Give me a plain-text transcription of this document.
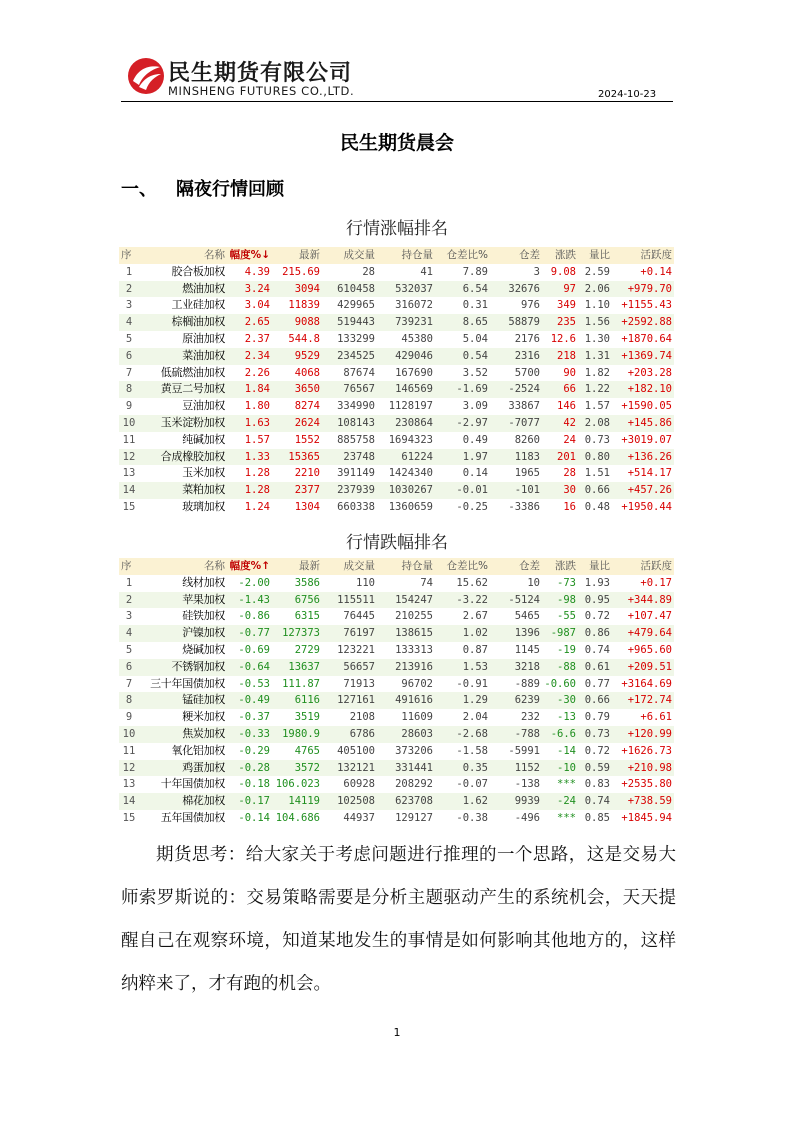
民生期货有限公司
MINSHENG FUTURES CO.,LTD.	2024-10-23
民生期货晨会
一、 隔夜行情回顾
行情涨幅排名
序	名称	幅度%↓	最新	成交量	持仓量	仓差比%	仓差	涨跌	量比	活跃度
1	胶合板加权	4.39	215.69	28	41	7.89	3	9.08	2.59	+0.14
2	燃油加权	3.24	3094	610458	532037	6.54	32676	97	2.06	+979.70
3	工业硅加权	3.04	11839	429965	316072	0.31	976	349	1.10	+1155.43
4	棕榈油加权	2.65	9088	519443	739231	8.65	58879	235	1.56	+2592.88
5	原油加权	2.37	544.8	133299	45380	5.04	2176	12.6	1.30	+1870.64
6	菜油加权	2.34	9529	234525	429046	0.54	2316	218	1.31	+1369.74
7	低硫燃油加权	2.26	4068	87674	167690	3.52	5700	90	1.82	+203.28
8	黄豆二号加权	1.84	3650	76567	146569	-1.69	-2524	66	1.22	+182.10
9	豆油加权	1.80	8274	334990	1128197	3.09	33867	146	1.57	+1590.05
10	玉米淀粉加权	1.63	2624	108143	230864	-2.97	-7077	42	2.08	+145.86
11	纯碱加权	1.57	1552	885758	1694323	0.49	8260	24	0.73	+3019.07
12	合成橡胶加权	1.33	15365	23748	61224	1.97	1183	201	0.80	+136.26
13	玉米加权	1.28	2210	391149	1424340	0.14	1965	28	1.51	+514.17
14	菜粕加权	1.28	2377	237939	1030267	-0.01	-101	30	0.66	+457.26
15	玻璃加权	1.24	1304	660338	1360659	-0.25	-3386	16	0.48	+1950.44
行情跌幅排名
序	名称	幅度%↑	最新	成交量	持仓量	仓差比%	仓差	涨跌	量比	活跃度
1	线材加权	-2.00	3586	110	74	15.62	10	-73	1.93	+0.17
2	苹果加权	-1.43	6756	115511	154247	-3.22	-5124	-98	0.95	+344.89
3	硅铁加权	-0.86	6315	76445	210255	2.67	5465	-55	0.72	+107.47
4	沪镍加权	-0.77	127373	76197	138615	1.02	1396	-987	0.86	+479.64
5	烧碱加权	-0.69	2729	123221	133313	0.87	1145	-19	0.74	+965.60
6	不锈钢加权	-0.64	13637	56657	213916	1.53	3218	-88	0.61	+209.51
7	三十年国债加权	-0.53	111.87	71913	96702	-0.91	-889	-0.60	0.77	+3164.69
8	锰硅加权	-0.49	6116	127161	491616	1.29	6239	-30	0.66	+172.74
9	粳米加权	-0.37	3519	2108	11609	2.04	232	-13	0.79	+6.61
10	焦炭加权	-0.33	1980.9	6786	28603	-2.68	-788	-6.6	0.73	+120.99
11	氧化铝加权	-0.29	4765	405100	373206	-1.58	-5991	-14	0.72	+1626.73
12	鸡蛋加权	-0.28	3572	132121	331441	0.35	1152	-10	0.59	+210.98
13	十年国债加权	-0.18	106.023	60928	208292	-0.07	-138	***	0.83	+2535.80
14	棉花加权	-0.17	14119	102508	623708	1.62	9939	-24	0.74	+738.59
15	五年国债加权	-0.14	104.686	44937	129127	-0.38	-496	***	0.85	+1845.94
期货思考：给大家关于考虑问题进行推理的一个思路，这是交易大师索罗斯说的：交易策略需要是分析主题驱动产生的系统机会，天天提醒自己在观察环境，知道某地发生的事情是如何影响其他地方的，这样纳粹来了，才有跑的机会。
1
